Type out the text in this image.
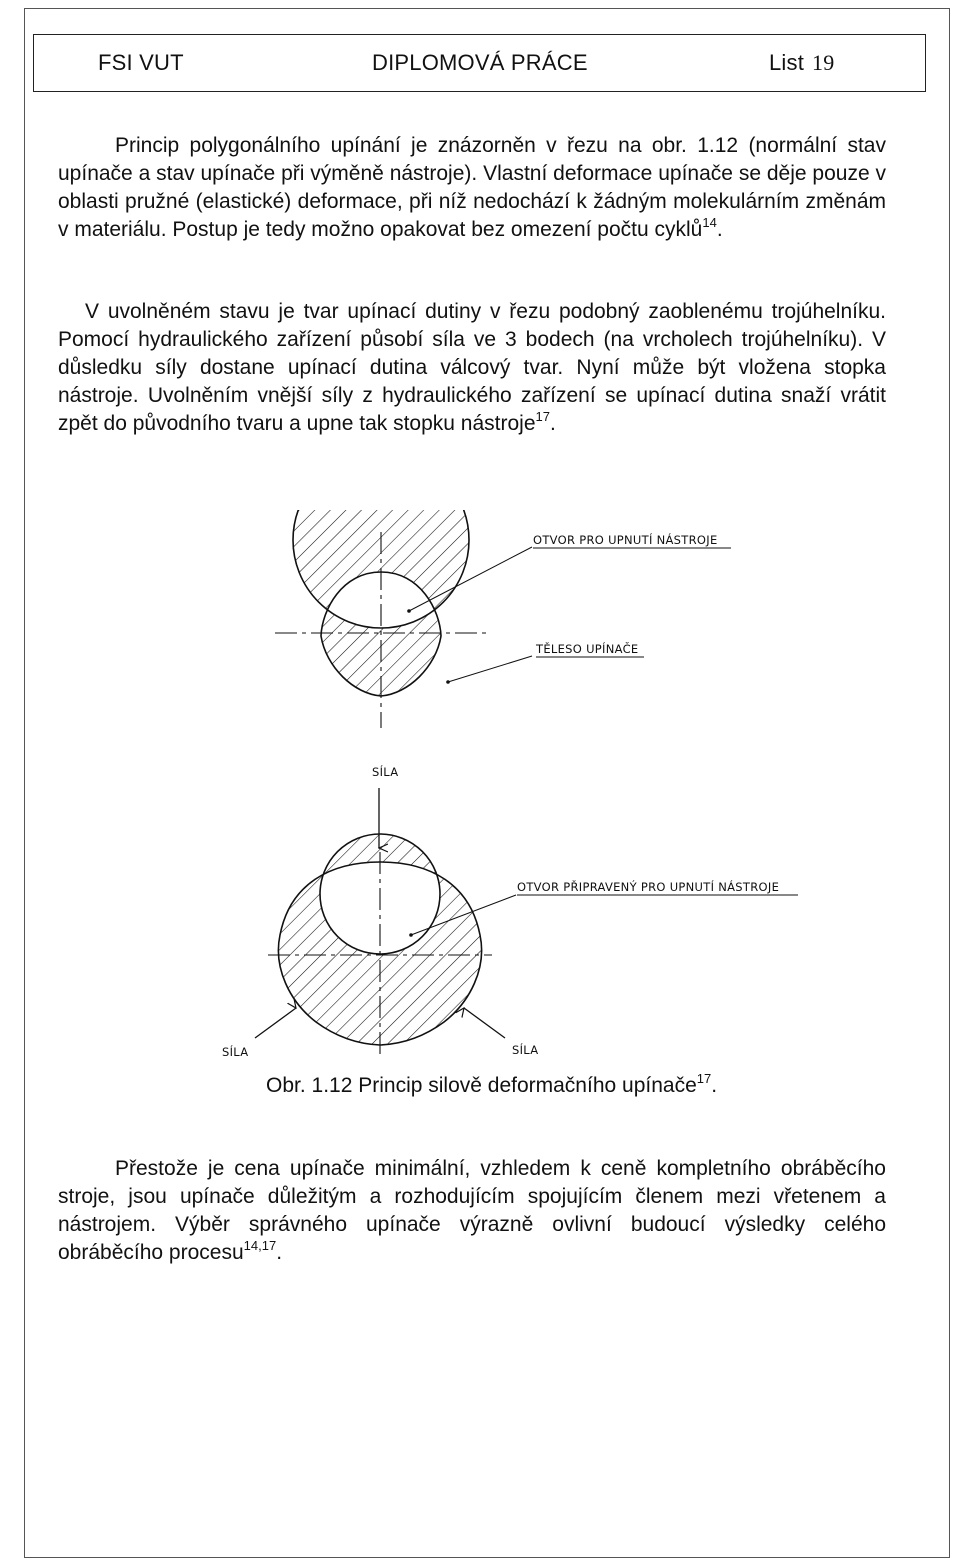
FSI VUT	DIPLOMOVÁ PRÁCE	List 19
Princip polygonálního upínání je znázorněn v řezu na obr. 1.12 (normální stav upínače a stav upínače při výměně nástroje). Vlastní deformace upínače se děje pouze v oblasti pružné (elastické) deformace, při níž nedochází k žádným molekulárním změnám v materiálu. Postup je tedy možno opakovat bez omezení počtu cyklů$^{14}$.
V uvolněném stavu je tvar upínací dutiny v řezu podobný zaoblenému trojúhelníku. Pomocí hydraulického zařízení působí síla ve 3 bodech (na vrcholech trojúhelníku). V důsledku síly dostane upínací dutina válcový tvar. Nyní může být vložena stopka nástroje. Uvolněním vnější síly z hydraulického zařízení se upínací dutina snaží vrátit zpět do původního tvaru a upne tak stopku nástroje$^{17}$.
OTVOR PRO UPNUTÍ NÁSTROJE
TĚLESO UPÍNAČE
SÍLA
OTVOR PŘIPRAVENÝ PRO UPNUTÍ NÁSTROJE
SÍLA	SÍLA
Obr. 1.12 Princip silově deformačního upínače$^{17}$.
Přestože je cena upínače minimální, vzhledem k ceně kompletního obráběcího stroje, jsou upínače důležitým a rozhodujícím spojujícím členem mezi vřetenem a nástrojem. Výběr správného upínače výrazně ovlivní budoucí výsledky celého obráběcího procesu$^{14,17}$.
